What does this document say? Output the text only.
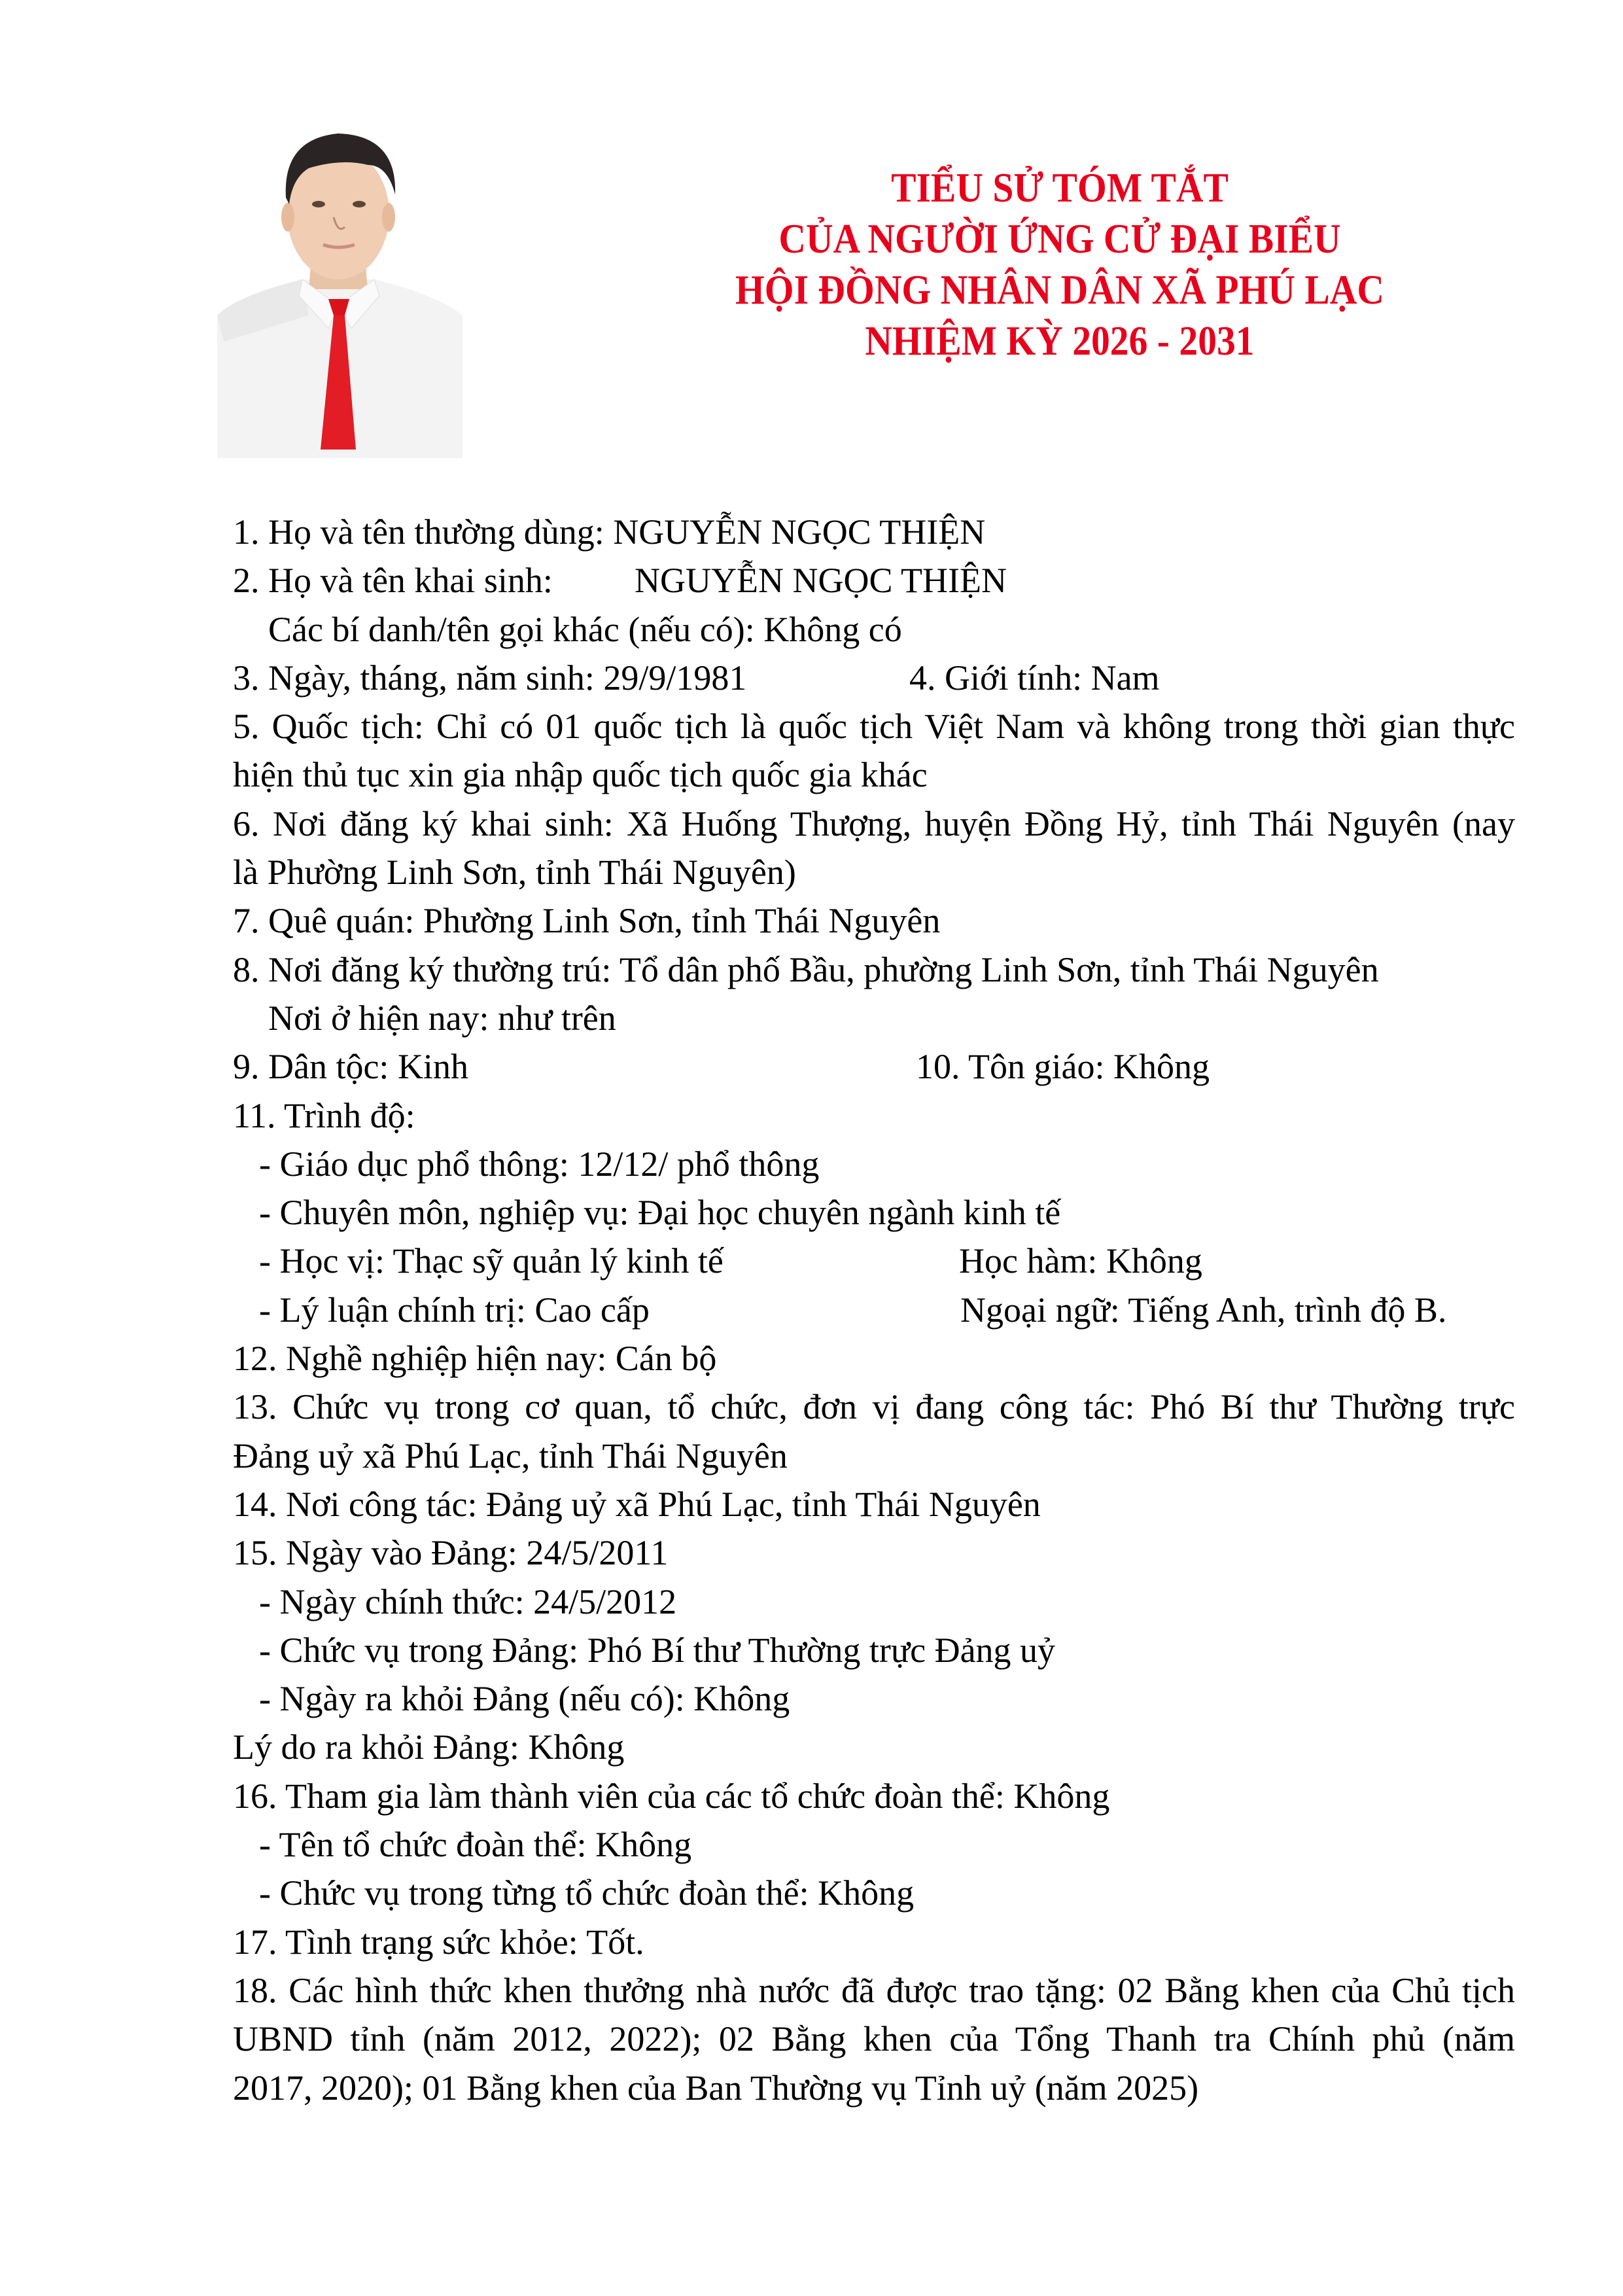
TIỂU SỬ TÓM TẮT
CỦA NGƯỜI ỨNG CỬ ĐẠI BIỂU
HỘI ĐỒNG NHÂN DÂN XÃ PHÚ LẠC
NHIỆM KỲ 2026 - 2031
1. Họ và tên thường dùng: NGUYỄN NGỌC THIỆN
2. Họ và tên khai sinh: NGUYỄN NGỌC THIỆN
Các bí danh/tên gọi khác (nếu có): Không có
3. Ngày, tháng, năm sinh: 29/9/1981	4. Giới tính: Nam
5. Quốc tịch: Chỉ có 01 quốc tịch là quốc tịch Việt Nam và không trong thời gian thực
hiện thủ tục xin gia nhập quốc tịch quốc gia khác
6. Nơi đăng ký khai sinh: Xã Huống Thượng, huyện Đồng Hỷ, tỉnh Thái Nguyên (nay
là Phường Linh Sơn, tỉnh Thái Nguyên)
7. Quê quán: Phường Linh Sơn, tỉnh Thái Nguyên
8. Nơi đăng ký thường trú: Tổ dân phố Bầu, phường Linh Sơn, tỉnh Thái Nguyên
Nơi ở hiện nay: như trên
9. Dân tộc: Kinh	10. Tôn giáo: Không
11. Trình độ:
- Giáo dục phổ thông: 12/12/ phổ thông
- Chuyên môn, nghiệp vụ: Đại học chuyên ngành kinh tế
- Học vị: Thạc sỹ quản lý kinh tế	Học hàm: Không
- Lý luận chính trị: Cao cấp	Ngoại ngữ: Tiếng Anh, trình độ B.
12. Nghề nghiệp hiện nay: Cán bộ
13. Chức vụ trong cơ quan, tổ chức, đơn vị đang công tác: Phó Bí thư Thường trực
Đảng uỷ xã Phú Lạc, tỉnh Thái Nguyên
14. Nơi công tác: Đảng uỷ xã Phú Lạc, tỉnh Thái Nguyên
15. Ngày vào Đảng: 24/5/2011
- Ngày chính thức: 24/5/2012
- Chức vụ trong Đảng: Phó Bí thư Thường trực Đảng uỷ
- Ngày ra khỏi Đảng (nếu có): Không
Lý do ra khỏi Đảng: Không
16. Tham gia làm thành viên của các tổ chức đoàn thể: Không
- Tên tổ chức đoàn thể: Không
- Chức vụ trong từng tổ chức đoàn thể: Không
17. Tình trạng sức khỏe: Tốt.
18. Các hình thức khen thưởng nhà nước đã được trao tặng: 02 Bằng khen của Chủ tịch
UBND tỉnh (năm 2012, 2022); 02 Bằng khen của Tổng Thanh tra Chính phủ (năm
2017, 2020); 01 Bằng khen của Ban Thường vụ Tỉnh uỷ (năm 2025)
